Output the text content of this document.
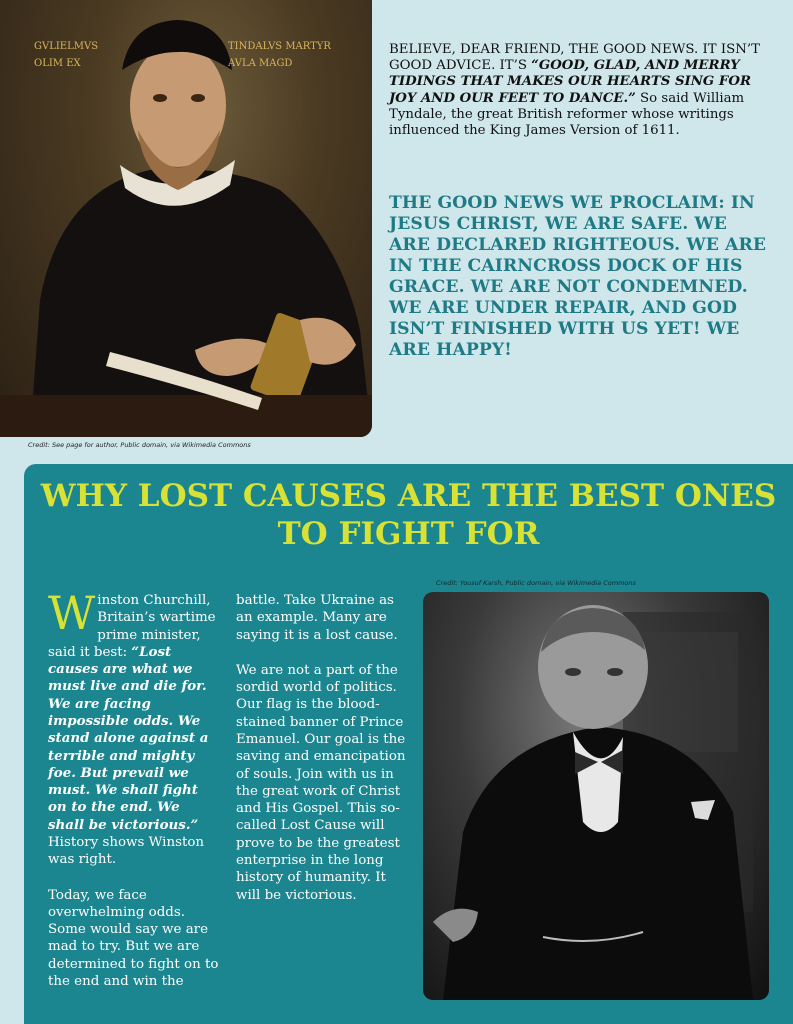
GVLIELMVS
OLIM EX
TINDALVS MARTYR
AVLA MAGD
Credit: See page for author, Public domain, via Wikimedia Commons
BELIEVE, DEAR FRIEND, THE GOOD NEWS. IT ISN’T GOOD ADVICE. IT’S “GOOD, GLAD, AND MERRY TIDINGS THAT MAKES OUR HEARTS SING FOR JOY AND OUR FEET TO DANCE.” So said William Tyndale, the great British reformer whose writings influenced the King James Version of 1611.
THE GOOD NEWS WE PROCLAIM: IN JESUS CHRIST, WE ARE SAFE. WE ARE DECLARED RIGHTEOUS. WE ARE IN THE CAIRNCROSS DOCK OF HIS GRACE. WE ARE NOT CONDEMNED. WE ARE UNDER REPAIR, AND GOD ISN’T FINISHED WITH US YET! WE ARE HAPPY!
WHY LOST CAUSES ARE THE BEST ONES TO FIGHT FOR

Winston Churchill, Britain’s wartime prime minister, said it best: “Lost causes are what we must live and die for. We are facing impossible odds. We stand alone against a terrible and mighty foe. But prevail we must. We shall fight on to the end. We shall be victorious.” History shows Winston was right.

Today, we face overwhelming odds. Some would say we are mad to try. But we are determined to fight on to the end and win the

battle. Take Ukraine as an example. Many are saying it is a lost cause.

We are not a part of the sordid world of politics. Our flag is the blood-stained banner of Prince Emanuel. Our goal is the saving and emancipation of souls. Join with us in the great work of Christ and His Gospel. This so-called Lost Cause will prove to be the greatest enterprise in the long history of humanity. It will be victorious.

Credit: Yousuf Karsh, Public domain, via Wikimedia Commons
